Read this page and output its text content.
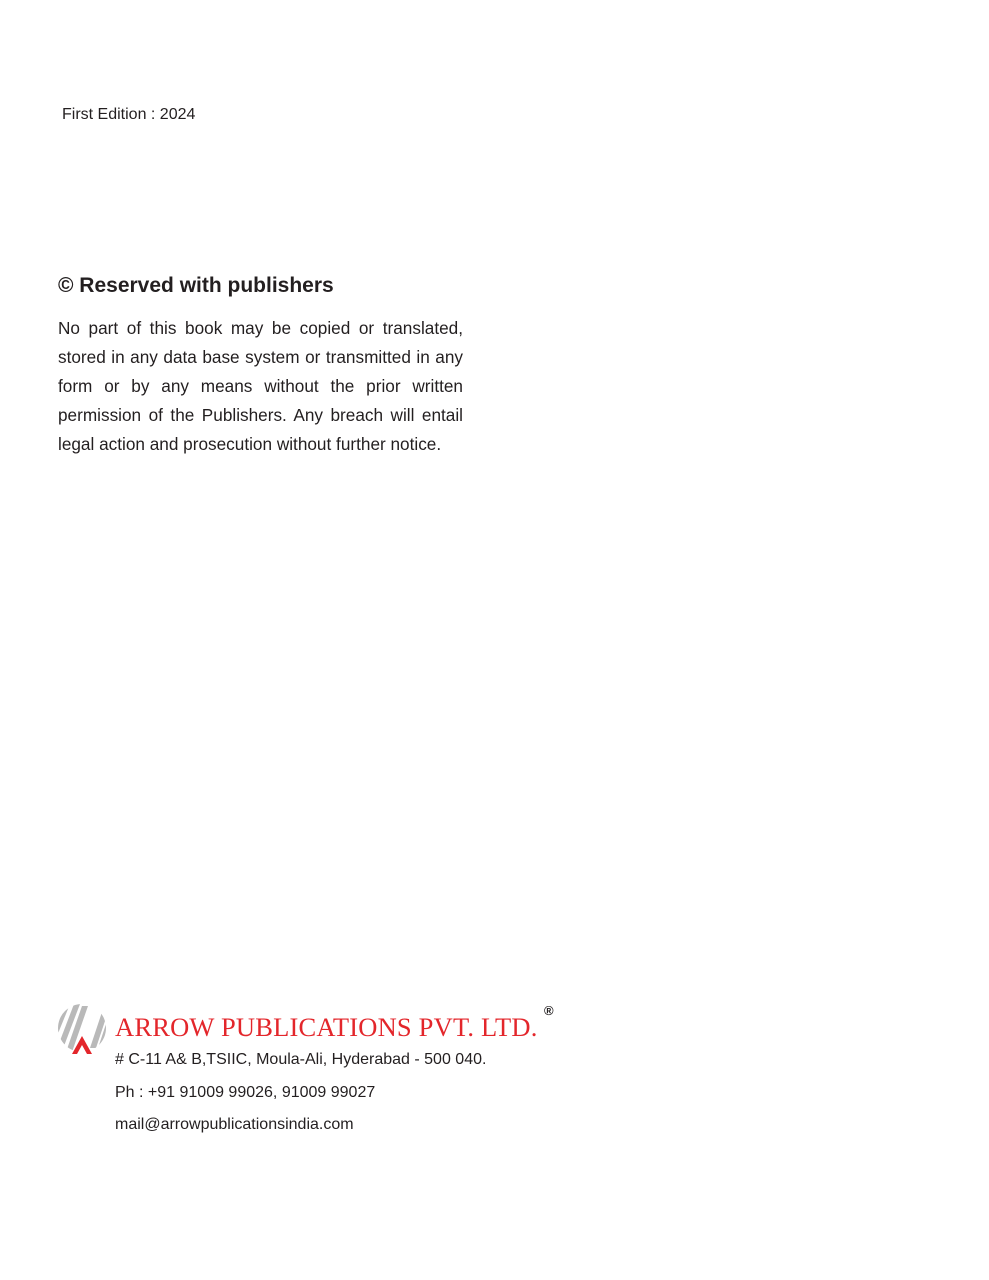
First Edition : 2024
© Reserved with publishers

No part of this book may be copied or translated, stored in any data base system or transmitted in any form or by any means without the prior written permission of the Publishers. Any breach will entail legal action and prosecution without further notice.

ARROW PUBLICATIONS PVT. LTD.
®
# C-11 A& B,TSIIC, Moula-Ali, Hyderabad - 500 040.
Ph : +91 91009 99026, 91009 99027
mail@arrowpublicationsindia.com
